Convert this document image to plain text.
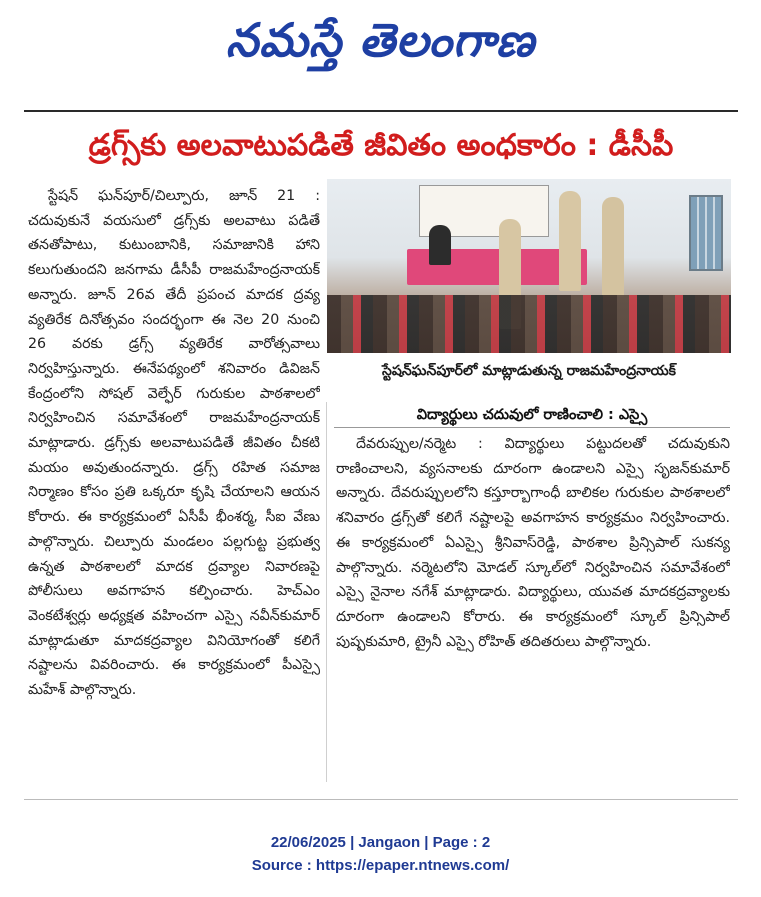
నమస్తే తెలంగాణ
డ్రగ్స్‌కు అలవాటుపడితే జీవితం అంధకారం : డీసీపీ

స్టేషన్ ఘన్‌పూర్/చిల్పూరు, జూన్ 21 : చదువుకునే వయసులో డ్రగ్స్‌కు అలవాటు పడితే తనతోపాటు, కుటుంబానికి, సమాజానికి హాని కలుగుతుందని జనగామ డీసీపీ రాజమహేంద్రనాయక్ అన్నారు. జూన్ 26వ తేదీ ప్రపంచ మాదక ద్రవ్య వ్యతిరేక దినోత్సవం సందర్భంగా ఈ నెల 20 నుంచి 26 వరకు డ్రగ్స్ వ్యతిరేక వారోత్సవాలు నిర్వహిస్తున్నారు. ఈనేపథ్యంలో శనివారం డివిజన్ కేంద్రంలోని సోషల్ వెల్ఫేర్ గురుకుల పాఠశాలలో నిర్వహించిన సమావేశంలో రాజమహేంద్రనాయక్ మాట్లాడారు. డ్రగ్స్‌కు అలవాటుపడితే జీవితం చీకటి మయం అవుతుందన్నారు. డ్రగ్స్ రహిత సమాజ నిర్మాణం కోసం ప్రతి ఒక్కరూ కృషి చేయాలని ఆయన కోరారు. ఈ కార్యక్రమంలో ఏసీపీ భీంశర్మ, సీఐ వేణు పాల్గొన్నారు. చిల్పూరు మండలం పల్లగుట్ట ప్రభుత్వ ఉన్నత పాఠశాలలో మాదక ద్రవ్యాల నివారణపై పోలీసులు అవగాహన కల్పించారు. హెచ్ఎం వెంకటేశ్వర్లు అధ్యక్షత వహించగా ఎస్సై నవీన్‌కుమార్ మాట్లాడుతూ మాదకద్రవ్యాల వినియోగంతో కలిగే నష్టాలను వివరించారు. ఈ కార్యక్రమంలో పీఎస్సై మహేశ్ పాల్గొన్నారు.

స్టేషన్‌ఘన్‌పూర్‌లో మాట్లాడుతున్న రాజమహేంద్రనాయక్
విద్యార్థులు చదువులో రాణించాలి : ఎస్సై

దేవరుప్పుల/నర్మెట : విద్యార్థులు పట్టుదలతో చదువుకుని రాణించాలని, వ్యసనాలకు దూరంగా ఉండాలని ఎస్సై సృజన్‌కుమార్ అన్నారు. దేవరుప్పులలోని కస్తూర్బాగాంధీ బాలికల గురుకుల పాఠశాలలో శనివారం డ్రగ్స్‌తో కలిగే నష్టాలపై అవగాహన కార్యక్రమం నిర్వహించారు. ఈ కార్యక్రమంలో ఏఎస్సై శ్రీనివాస్‌రెడ్డి, పాఠశాల ప్రిన్సిపాల్ సుకన్య పాల్గొన్నారు. నర్మెటలోని మోడల్ స్కూల్‌లో నిర్వహించిన సమావేశంలో ఎస్సై నైనాల నగేశ్ మాట్లాడారు. విద్యార్థులు, యువత మాదకద్రవ్యాలకు దూరంగా ఉండాలని కోరారు. ఈ కార్యక్రమంలో స్కూల్ ప్రిన్సిపాల్ పుష్పకుమారి, ట్రైనీ ఎస్సై రోహిత్ తదితరులు పాల్గొన్నారు.

22/06/2025 | Jangaon | Page : 2
Source : https://epaper.ntnews.com/
